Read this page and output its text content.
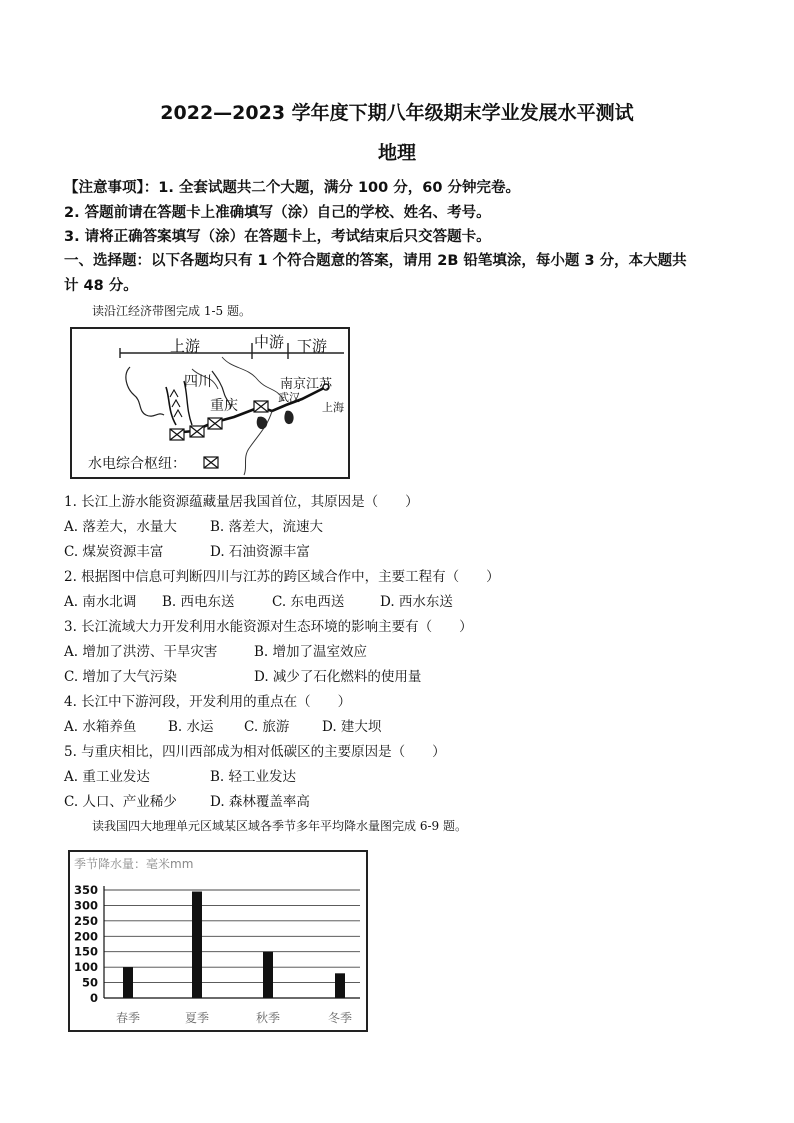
2022—2023 学年度下期八年级期末学业发展水平测试
地理
【注意事项】：1. 全套试题共二个大题，满分 100 分，60 分钟完卷。
2. 答题前请在答题卡上准确填写（涂）自己的学校、姓名、考号。
3. 请将正确答案填写（涂）在答题卡上，考试结束后只交答题卡。
一、选择题：以下各题均只有 1 个符合题意的答案，请用 2B 铅笔填涂，每小题 3 分，本大题共
计 48 分。
读沿江经济带图完成 1-5 题。
上游	中游 下游
四川
重庆
武汉
南京江苏
上海
水电综合枢纽：
1. 长江上游水能资源蕴藏量居我国首位，其原因是（　　）
A. 落差大，水量大 B. 落差大，流速大
C. 煤炭资源丰富	D. 石油资源丰富
2. 根据图中信息可判断四川与江苏的跨区域合作中，主要工程有（　　）
A. 南水北调 B. 西电东送	C. 东电西送	D. 西水东送
3. 长江流域大力开发利用水能资源对生态环境的影响主要有（　　）
A. 增加了洪涝、干旱灾害	B. 增加了温室效应
C. 增加了大气污染	D. 减少了石化燃料的使用量
4. 长江中下游河段，开发利用的重点在（　　）
A. 水箱养鱼 B. 水运 C. 旅游 D. 建大坝
5. 与重庆相比，四川西部成为相对低碳区的主要原因是（　　）
A. 重工业发达	B. 轻工业发达
C. 人口、产业稀少 D. 森林覆盖率高
读我国四大地理单元区域某区域各季节多年平均降水量图完成 6-9 题。
季节降水量：毫米mm
0
50
100
150
200
250
300
350
春季	夏季	秋季	冬季
